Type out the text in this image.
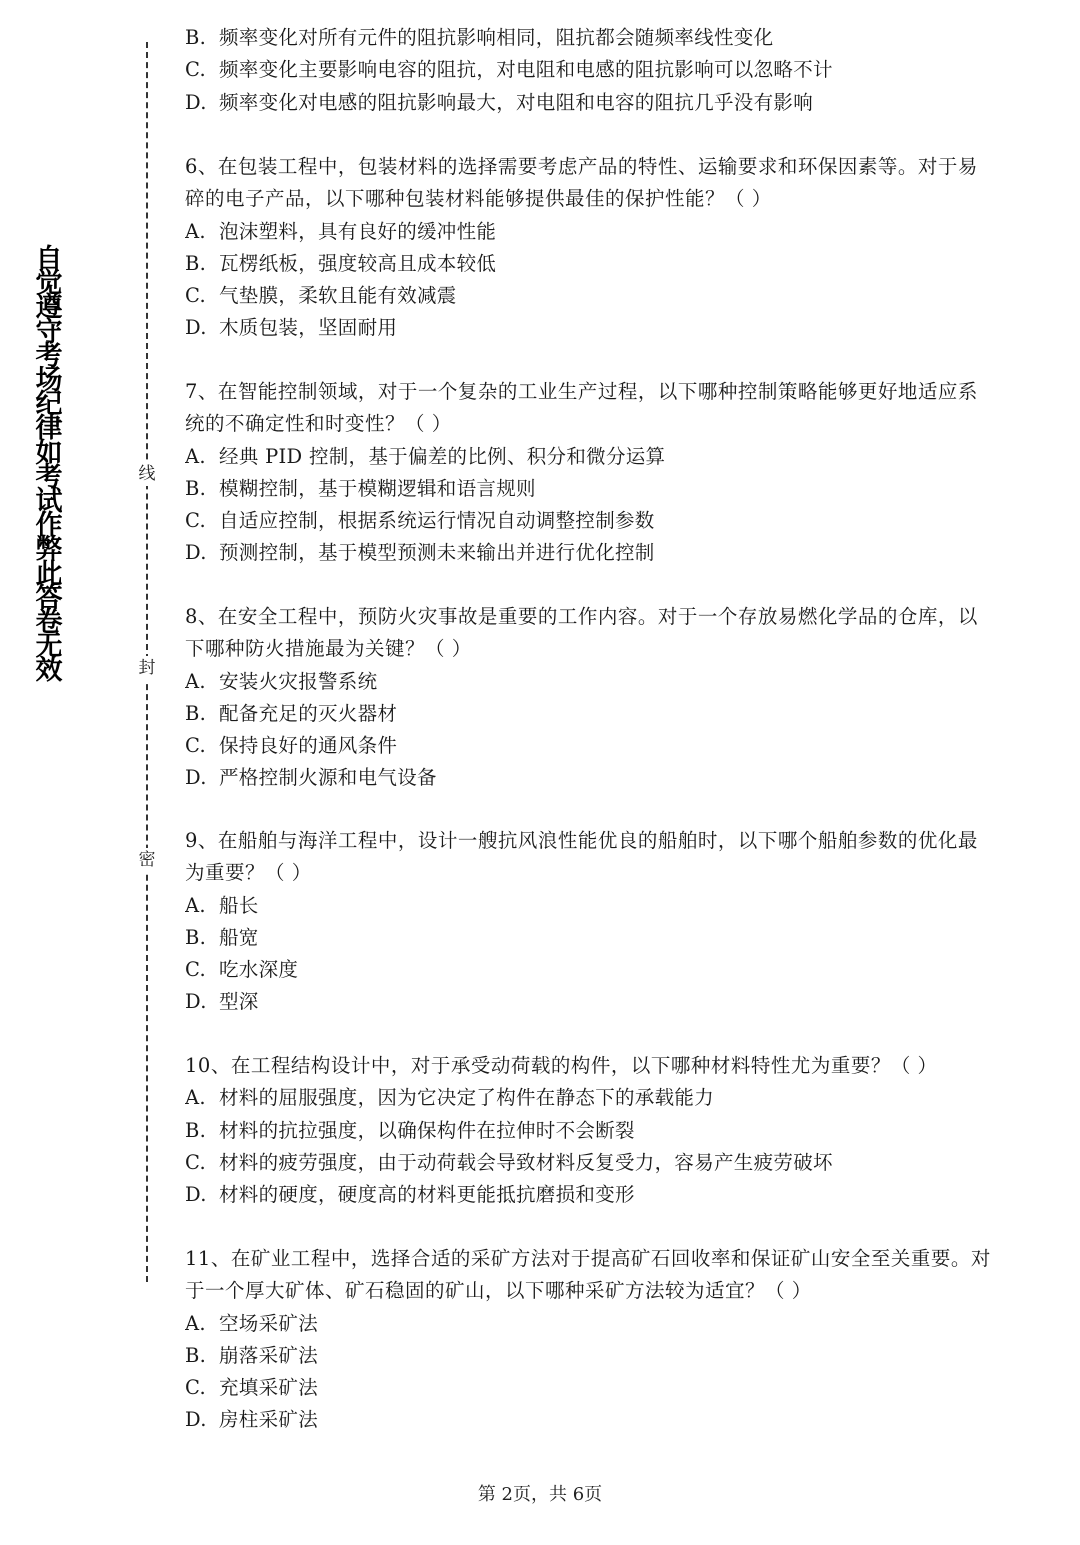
自觉遵守考场纪律如考试作弊此答卷无效
线
封
密
B. 频率变化对所有元件的阻抗影响相同，阻抗都会随频率线性变化
C. 频率变化主要影响电容的阻抗，对电阻和电感的阻抗影响可以忽略不计
D. 频率变化对电感的阻抗影响最大，对电阻和电容的阻抗几乎没有影响
6、在包装工程中，包装材料的选择需要考虑产品的特性、运输要求和环保因素等。对于易
碎的电子产品，以下哪种包装材料能够提供最佳的保护性能？（ ）
A. 泡沫塑料，具有良好的缓冲性能
B. 瓦楞纸板，强度较高且成本较低
C. 气垫膜，柔软且能有效减震
D. 木质包装，坚固耐用
7、在智能控制领域，对于一个复杂的工业生产过程，以下哪种控制策略能够更好地适应系
统的不确定性和时变性？（ ）
A. 经典 PID 控制，基于偏差的比例、积分和微分运算
B. 模糊控制，基于模糊逻辑和语言规则
C. 自适应控制，根据系统运行情况自动调整控制参数
D. 预测控制，基于模型预测未来输出并进行优化控制
8、在安全工程中，预防火灾事故是重要的工作内容。对于一个存放易燃化学品的仓库，以
下哪种防火措施最为关键？（ ）
A. 安装火灾报警系统
B. 配备充足的灭火器材
C. 保持良好的通风条件
D. 严格控制火源和电气设备
9、在船舶与海洋工程中，设计一艘抗风浪性能优良的船舶时，以下哪个船舶参数的优化最
为重要？（ ）
A. 船长
B. 船宽
C. 吃水深度
D. 型深
10、在工程结构设计中，对于承受动荷载的构件，以下哪种材料特性尤为重要？（ ）
A. 材料的屈服强度，因为它决定了构件在静态下的承载能力
B. 材料的抗拉强度，以确保构件在拉伸时不会断裂
C. 材料的疲劳强度，由于动荷载会导致材料反复受力，容易产生疲劳破坏
D. 材料的硬度，硬度高的材料更能抵抗磨损和变形
11、在矿业工程中，选择合适的采矿方法对于提高矿石回收率和保证矿山安全至关重要。对
于一个厚大矿体、矿石稳固的矿山，以下哪种采矿方法较为适宜？（ ）
A. 空场采矿法
B. 崩落采矿法
C. 充填采矿法
D. 房柱采矿法
第 2页，共 6页
